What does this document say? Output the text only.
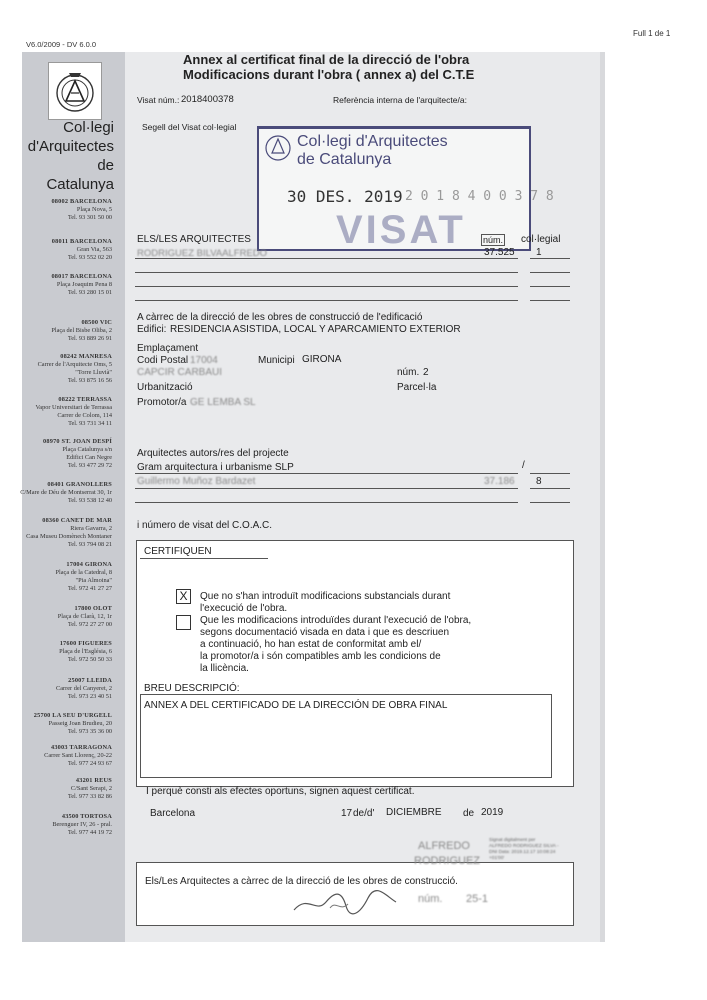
Full 1 de 1
V6.0/2009 - DV 6.0.0
Annex al certificat final de la direcció de l'obra
Modificacions durant l'obra ( annex a) del C.T.E
Col·legi
d'Arquitectes
de Catalunya
08002 BARCELONA
Plaça Nova, 5
Tel. 93 301 50 00
08011 BARCELONA
Gran Via, 563
Tel. 93 552 02 20
08017 BARCELONA
Plaça Joaquim Pena 8
Tel. 93 280 15 01
08500 VIC
Plaça del Bisbe Oliba, 2
Tel. 93 889 26 91
08242 MANRESA
Carrer de l'Arquitecte Oms, 5
"Torre Lluvià"
Tel. 93 875 16 56
08222 TERRASSA
Vapor Universitari de Terrassa
Carrer de Colom, 114
Tel. 93 731 34 11
08970 ST. JOAN DESPÍ
Plaça Catalunya s/n
Edifici Can Negre
Tel. 93 477 29 72
08401 GRANOLLERS
C/Mare de Déu de Montserrat 30, 1r
Tel. 93 538 12 40
08360 CANET DE MAR
Riera Gavarra, 2
Casa Museu Domènech Montaner
Tel. 93 794 08 21
17004 GIRONA
Plaça de la Catedral, 8
"Pia Almoina"
Tel. 972 41 27 27
17800 OLOT
Plaça de Clarà, 12, 1r
Tel. 972 27 27 00
17600 FIGUERES
Plaça de l'Església, 6
Tel. 972 50 50 33
25007 LLEIDA
Carrer del Canyeret, 2
Tel. 973 23 40 51
25700 LA SEU D'URGELL
Passeig Joan Brudieu, 20
Tel. 973 35 36 00
43003 TARRAGONA
Carrer Sant Llorenç, 20-22
Tel. 977 24 93 67
43201 REUS
C/Sant Serapi, 2
Tel. 977 33 82 86
43500 TORTOSA
Berenguer IV, 26 - pral.
Tel. 977 44 19 72
Visat núm.: 2018400378	Referència interna de l'arquitecte/a:
Segell del Visat col·legial
Col·legi d'Arquitectes
de Catalunya
30 DES. 2019 2 0 1 8 4 0 0 3 7 8
VISAT
ELS/LES ARQUITECTES	núm. col·legial
RODRIGUEZ BILVAALFREDO	37.525 1
A càrrec de la direcció de les obres de construcció de l'edificació
Edifici: RESIDENCIA ASISTIDA, LOCAL Y APARCAMIENTO EXTERIOR
Emplaçament
Codi Postal 17004	Municipi GIRONA
CAPCIR CARBAUI	núm. 2
Urbanització	Parcel·la
Promotor/a GE LEMBA SL
Arquitectes autors/res del projecte
Gram arquitectura i urbanisme SLP	/
Guillermo Muñoz Bardazet	37.186 8
i número de visat del C.O.A.C.
CERTIFIQUEN
X	Que no s'han introduït modificacions substancials durant
l'execució de l'obra.
Que les modificacions introduïdes durant l'execució de l'obra,
segons documentació visada en data i que es descriuen
a continuació, ho han estat de conformitat amb el/
la promotor/a i són compatibles amb les condicions de
la llicència.
BREU DESCRIPCIÓ:
ANNEX A DEL CERTIFICADO DE LA DIRECCIÓN DE OBRA FINAL
I perquè consti als efectes oportuns, signen aquest certificat.
Barcelona	17 de/d' DICIEMBRE de 2019
Els/Les Arquitectes a càrrec de la direcció de les obres de construcció.
ALFREDO
RODRIGUEZ
núm. 25-1
Signat digitalment per ALFREDO RODRIGUEZ SILVA - DNI Data: 2019.12.17 10:08:24 +01'00'
